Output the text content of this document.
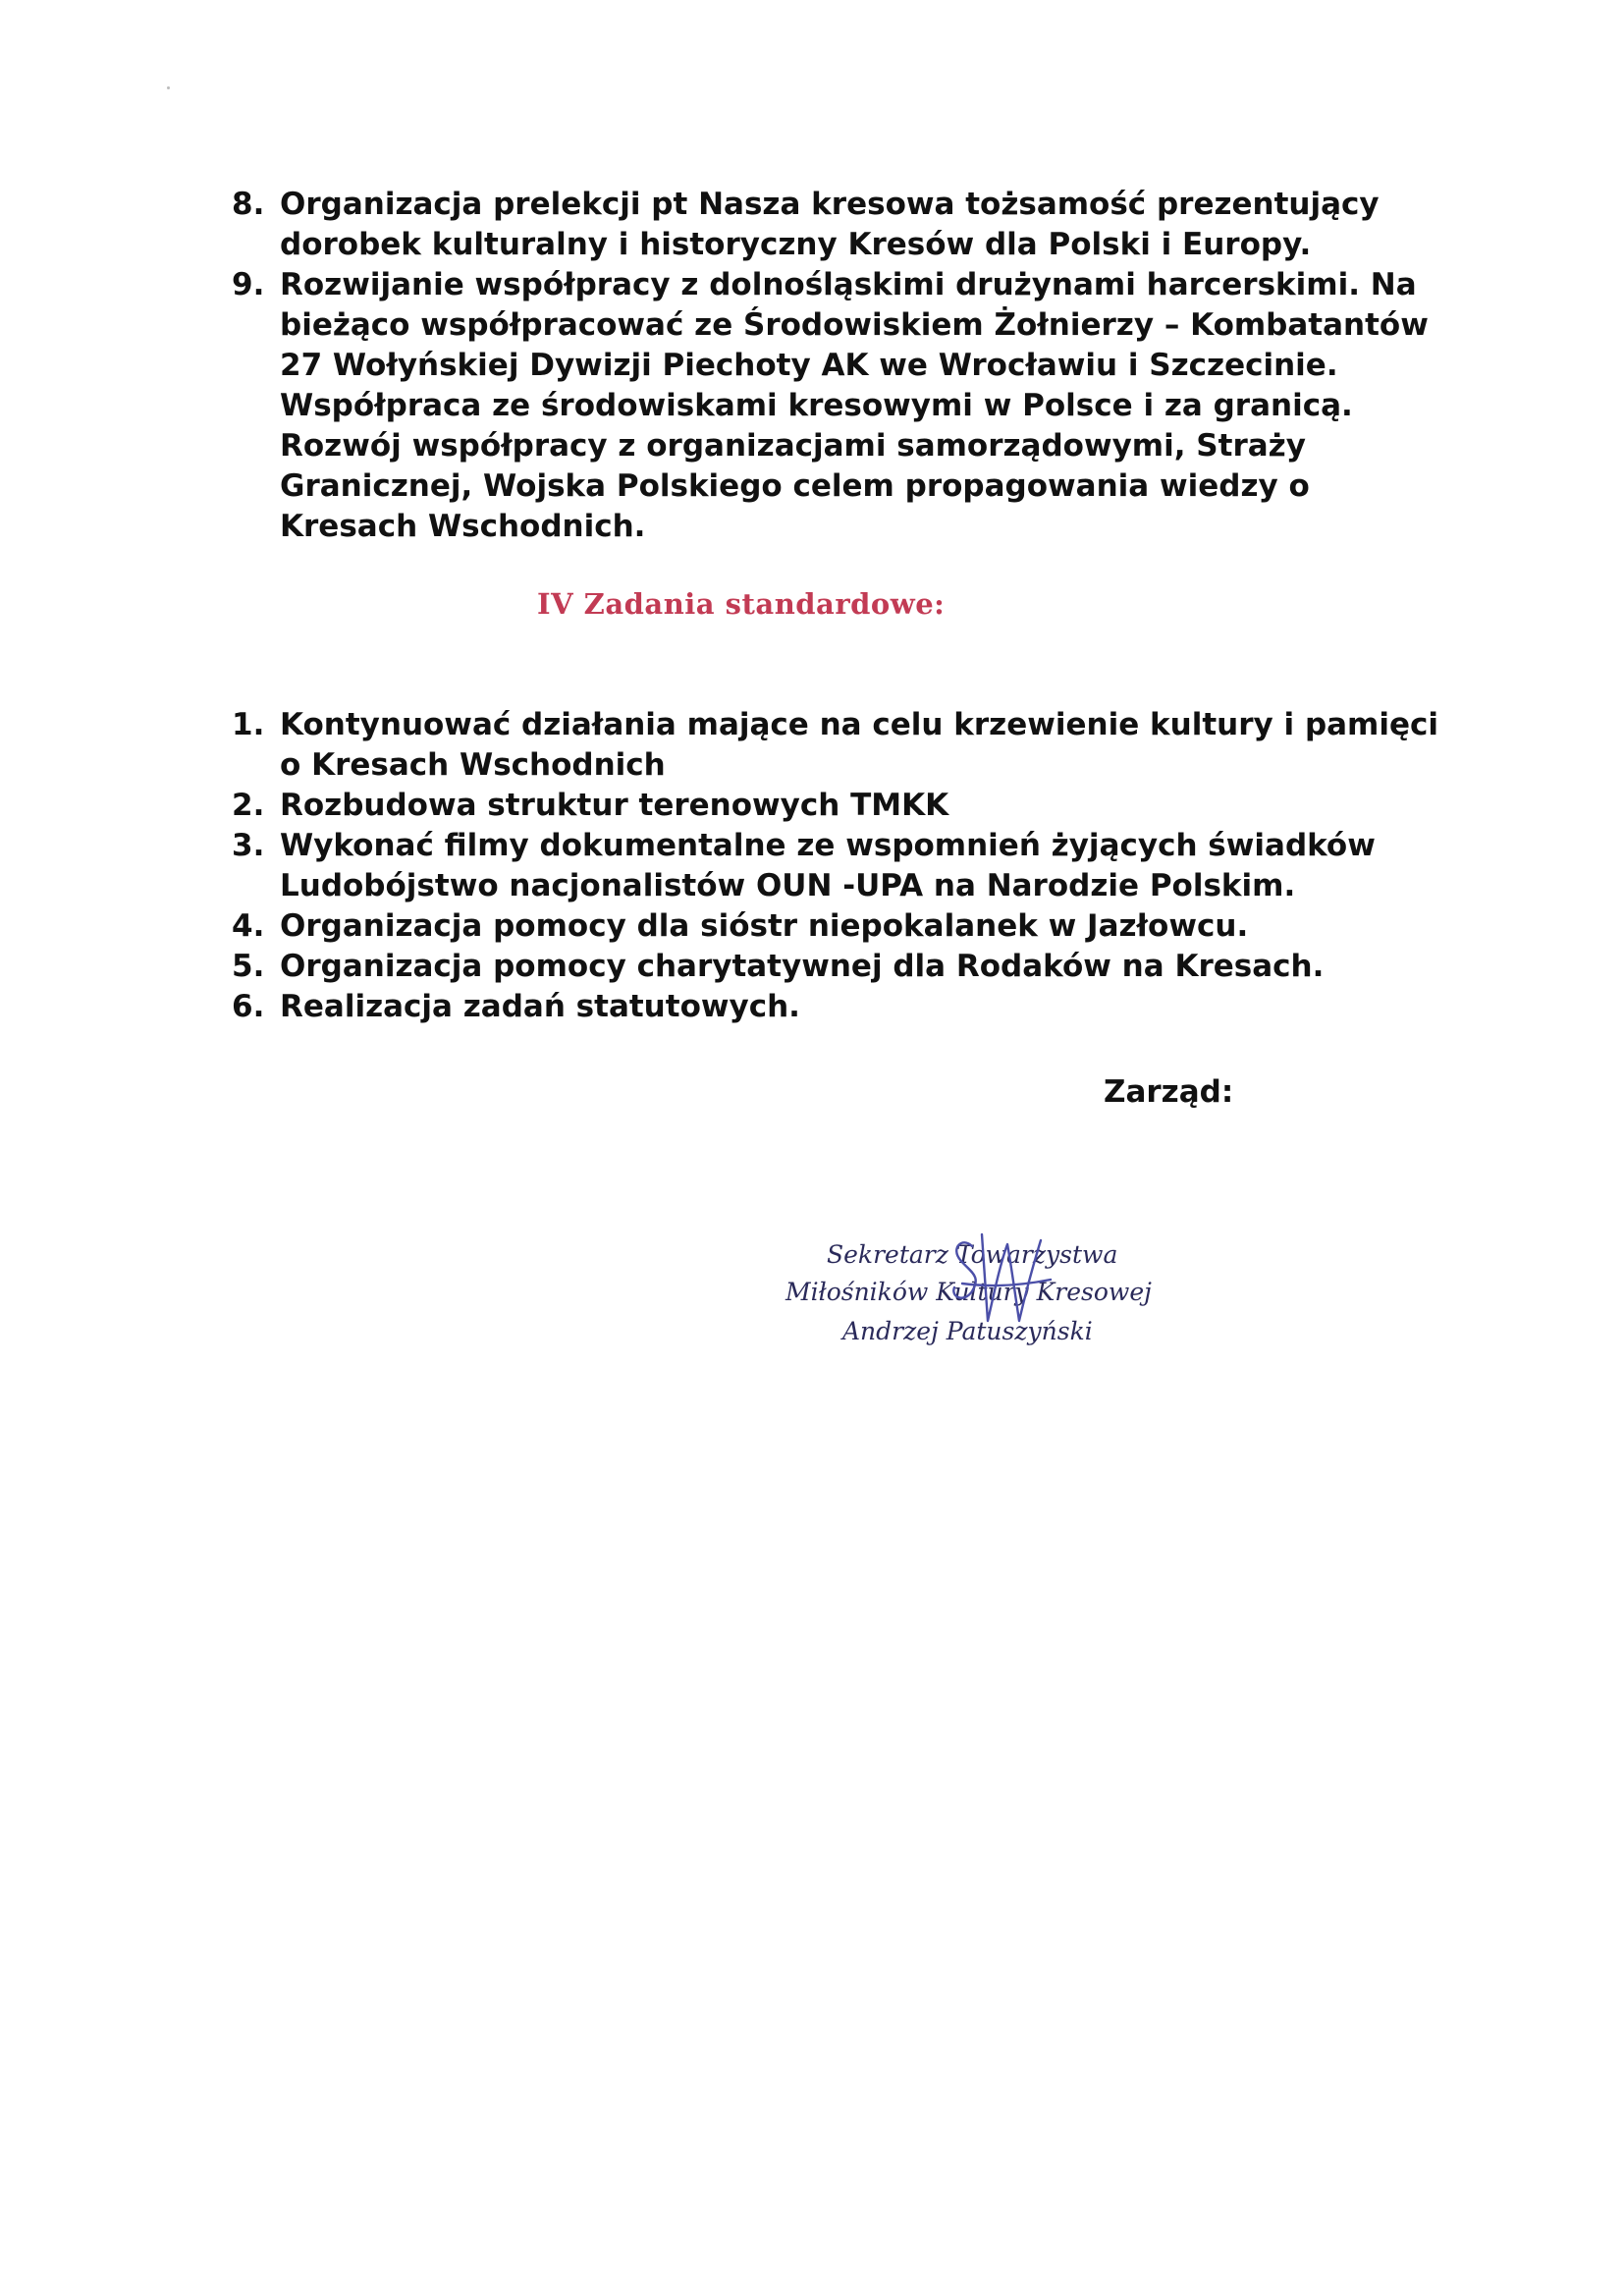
8. Organizacja prelekcji pt Nasza kresowa tożsamość prezentujący dorobek kulturalny i historyczny Kresów dla Polski i Europy.
9. Rozwijanie współpracy z dolnośląskimi drużynami harcerskimi. Na bieżąco współpracować ze Środowiskiem Żołnierzy – Kombatantów 27 Wołyńskiej Dywizji Piechoty AK we Wrocławiu i Szczecinie. Współpraca ze środowiskami kresowymi w Polsce i za granicą. Rozwój współpracy z organizacjami samorządowymi, Straży Granicznej, Wojska Polskiego celem propagowania wiedzy o Kresach Wschodnich.
IV Zadania standardowe:
1. Kontynuować działania mające na celu krzewienie kultury i pamięci o Kresach Wschodnich
2. Rozbudowa struktur terenowych TMKK
3. Wykonać filmy dokumentalne ze wspomnień żyjących świadków Ludobójstwo nacjonalistów OUN -UPA na Narodzie Polskim.
4. Organizacja pomocy dla sióstr niepokalanek w Jazłowcu.
5. Organizacja pomocy charytatywnej dla Rodaków na Kresach.
6. Realizacja zadań statutowych.
Zarząd:
Sekretarz Towarzystwa
Miłośników Kultury Kresowej
Andrzej Patuszyński
